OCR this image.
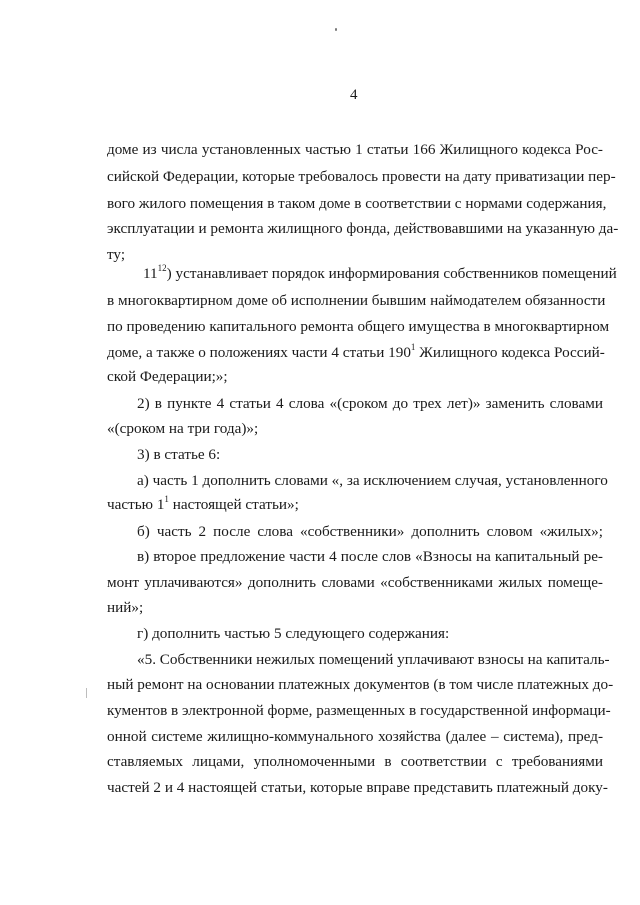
4
доме из числа установленных частью 1 статьи 166 Жилищного кодекса Рос-
сийской Федерации, которые требовалось провести на дату приватизации пер-
вого жилого помещения в таком доме в соответствии с нормами содержания,
эксплуатации и ремонта жилищного фонда, действовавшими на указанную да-
ту;
$11^{12}$) устанавливает порядок информирования собственников помещений
в многоквартирном доме об исполнении бывшим наймодателем обязанности
по проведению капитального ремонта общего имущества в многоквартирном
доме, а также о положениях части 4 статьи $190^1$ Жилищного кодекса Россий-
ской Федерации;»;
2) в пункте 4 статьи 4 слова «(сроком до трех лет)» заменить словами
«(сроком на три года)»;
3) в статье 6:
а) часть 1 дополнить словами «, за исключением случая, установленного
частью $1^1$ настоящей статьи»;
б) часть 2 после слова «собственники» дополнить словом «жилых»;
в) второе предложение части 4 после слов «Взносы на капитальный ре-
монт уплачиваются» дополнить словами «собственниками жилых помеще-
ний»;
г) дополнить частью 5 следующего содержания:
«5. Собственники нежилых помещений уплачивают взносы на капиталь-
ный ремонт на основании платежных документов (в том числе платежных до-
кументов в электронной форме, размещенных в государственной информаци-
онной системе жилищно-коммунального хозяйства (далее – система), пред-
ставляемых лицами, уполномоченными в соответствии с требованиями
частей 2 и 4 настоящей статьи, которые вправе представить платежный доку-
